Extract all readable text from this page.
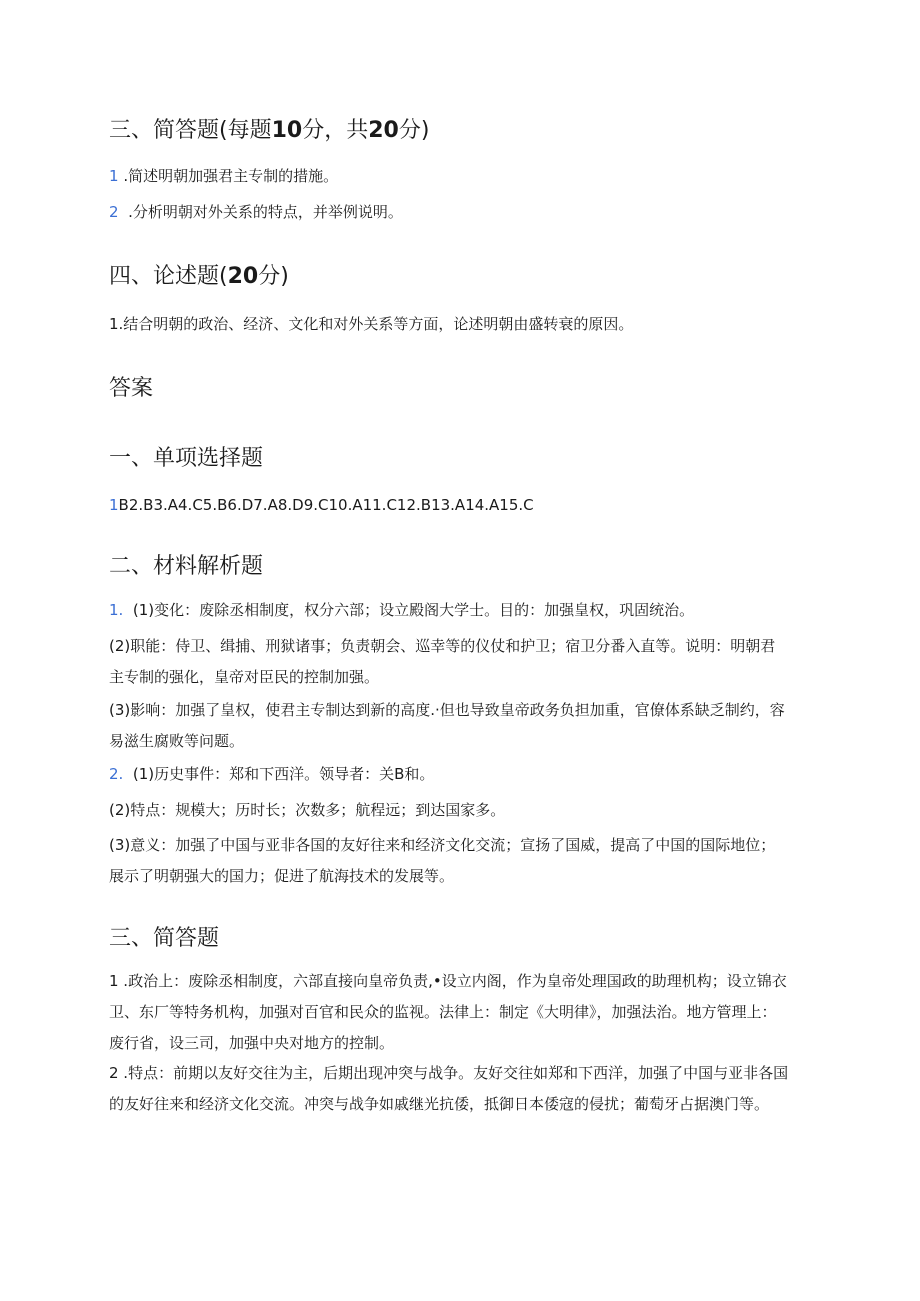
三、简答题(每题10分，共20分)
1 .简述明朝加强君主专制的措施。
2 .分析明朝对外关系的特点，并举例说明。
四、论述题(20分)
1.结合明朝的政治、经济、文化和对外关系等方面，论述明朝由盛转衰的原因。
答案
一、单项选择题
1B2.B3.A4.C5.B6.D7.A8.D9.C10.A11.C12.B13.A14.A15.C
二、材料解析题
1. (1)变化：废除丞相制度，权分六部；设立殿阁大学士。目的：加强皇权，巩固统治。
(2)职能：侍卫、缉捕、刑狱诸事；负责朝会、巡幸等的仪仗和护卫；宿卫分番入直等。说明：明朝君
主专制的强化，皇帝对臣民的控制加强。
(3)影响：加强了皇权，使君主专制达到新的高度.·但也导致皇帝政务负担加重，官僚体系缺乏制约，容
易滋生腐败等问题。
2. (1)历史事件：郑和下西洋。领导者：关B和。
(2)特点：规模大；历时长；次数多；航程远；到达国家多。
(3)意义：加强了中国与亚非各国的友好往来和经济文化交流；宣扬了国威，提高了中国的国际地位；
展示了明朝强大的国力；促进了航海技术的发展等。
三、简答题
1 .政治上：废除丞相制度，六部直接向皇帝负责,•设立内阁，作为皇帝处理国政的助理机构；设立锦衣
卫、东厂等特务机构，加强对百官和民众的监视。法律上：制定《大明律》，加强法治。地方管理上：
废行省，设三司，加强中央对地方的控制。
2 .特点：前期以友好交往为主，后期出现冲突与战争。友好交往如郑和下西洋，加强了中国与亚非各国
的友好往来和经济文化交流。冲突与战争如戚继光抗倭，抵御日本倭寇的侵扰；葡萄牙占据澳门等。
